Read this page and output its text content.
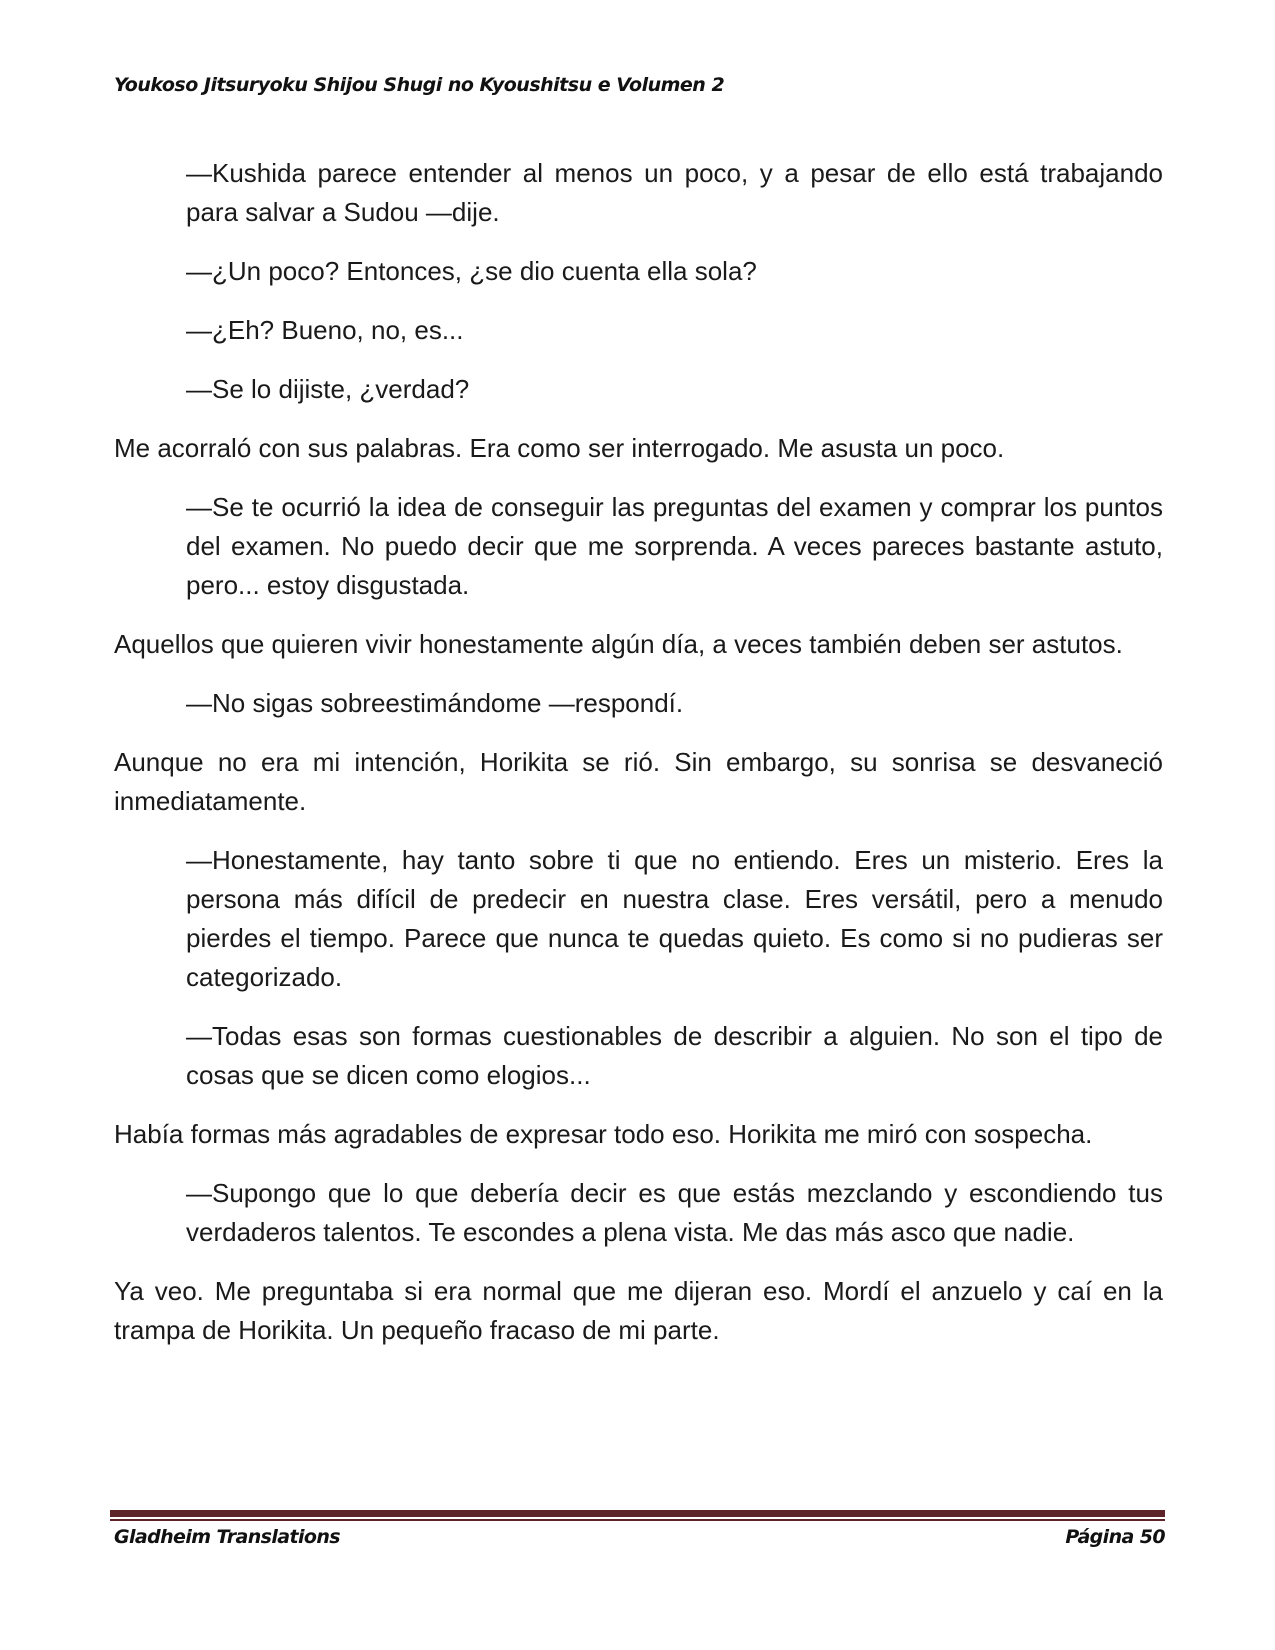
Youkoso Jitsuryoku Shijou Shugi no Kyoushitsu e Volumen 2

—Kushida parece entender al menos un poco, y a pesar de ello está trabajando para salvar a Sudou —dije.

—¿Un poco? Entonces, ¿se dio cuenta ella sola?

—¿Eh? Bueno, no, es...

—Se lo dijiste, ¿verdad?

Me acorraló con sus palabras. Era como ser interrogado. Me asusta un poco.

—Se te ocurrió la idea de conseguir las preguntas del examen y comprar los puntos del examen. No puedo decir que me sorprenda. A veces pareces bastante astuto, pero... estoy disgustada.

Aquellos que quieren vivir honestamente algún día, a veces también deben ser astutos.

—No sigas sobreestimándome —respondí.

Aunque no era mi intención, Horikita se rió. Sin embargo, su sonrisa se desvaneció inmediatamente.

—Honestamente, hay tanto sobre ti que no entiendo. Eres un misterio. Eres la persona más difícil de predecir en nuestra clase. Eres versátil, pero a menudo pierdes el tiempo. Parece que nunca te quedas quieto. Es como si no pudieras ser categorizado.

—Todas esas son formas cuestionables de describir a alguien. No son el tipo de cosas que se dicen como elogios...

Había formas más agradables de expresar todo eso. Horikita me miró con sospecha.

—Supongo que lo que debería decir es que estás mezclando y escondiendo tus verdaderos talentos. Te escondes a plena vista. Me das más asco que nadie.

Ya veo. Me preguntaba si era normal que me dijeran eso. Mordí el anzuelo y caí en la trampa de Horikita. Un pequeño fracaso de mi parte.

Gladheim Translations	Página 50
